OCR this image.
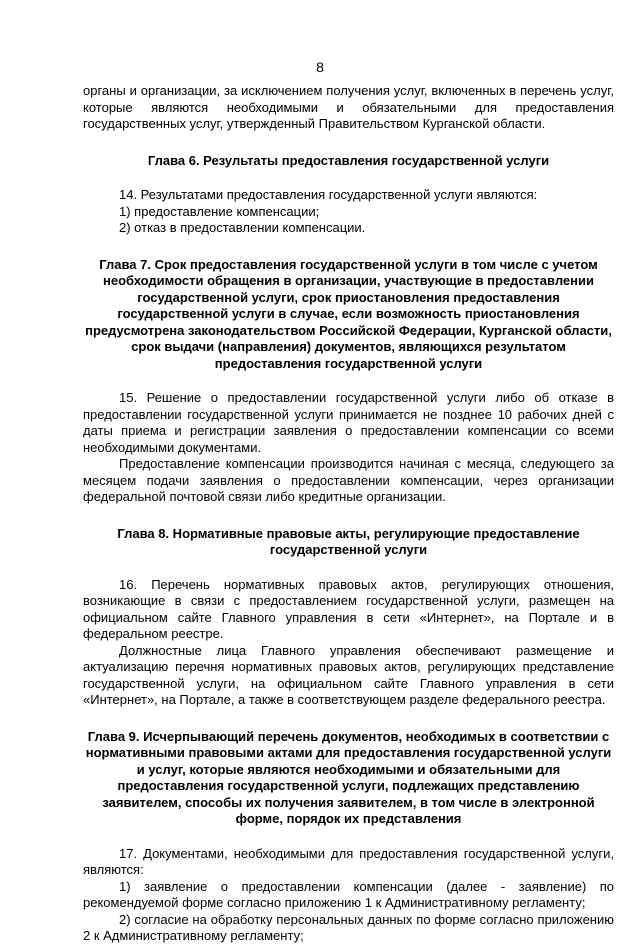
8

органы и организации, за исключением получения услуг, включенных в перечень услуг, которые являются необходимыми и обязательными для предоставления государственных услуг, утвержденный Правительством Курганской области.

Глава 6. Результаты предоставления государственной услуги

14. Результатами предоставления государственной услуги являются:

1) предоставление компенсации;

2) отказ в предоставлении компенсации.

Глава 7. Срок предоставления государственной услуги в том числе с учетом необходимости обращения в организации, участвующие в предоставлении государственной услуги, срок приостановления предоставления государственной услуги в случае, если возможность приостановления предусмотрена законодательством Российской Федерации, Курганской области, срок выдачи (направления) документов, являющихся результатом предоставления государственной услуги

15. Решение о предоставлении государственной услуги либо об отказе в предоставлении государственной услуги принимается не позднее 10 рабочих дней с даты приема и регистрации заявления о предоставлении компенсации со всеми необходимыми документами.

Предоставление компенсации производится начиная с месяца, следующего за месяцем подачи заявления о предоставлении компенсации, через организации федеральной почтовой связи либо кредитные организации.

Глава 8. Нормативные правовые акты, регулирующие предоставление государственной услуги

16. Перечень нормативных правовых актов, регулирующих отношения, возникающие в связи с предоставлением государственной услуги, размещен на официальном сайте Главного управления в сети «Интернет», на Портале и в федеральном реестре.

Должностные лица Главного управления обеспечивают размещение и актуализацию перечня нормативных правовых актов, регулирующих представление государственной услуги, на официальном сайте Главного управления в сети «Интернет», на Портале, а также в соответствующем разделе федерального реестра.

Глава 9. Исчерпывающий перечень документов, необходимых в соответствии с нормативными правовыми актами для предоставления государственной услуги и услуг, которые являются необходимыми и обязательными для предоставления государственной услуги, подлежащих представлению заявителем, способы их получения заявителем, в том числе в электронной форме, порядок их представления

17. Документами, необходимыми для предоставления государственной услуги, являются:

1) заявление о предоставлении компенсации (далее - заявление) по рекомендуемой форме согласно приложению 1 к Административному регламенту;

2) согласие на обработку персональных данных по форме согласно приложению 2 к Административному регламенту;
